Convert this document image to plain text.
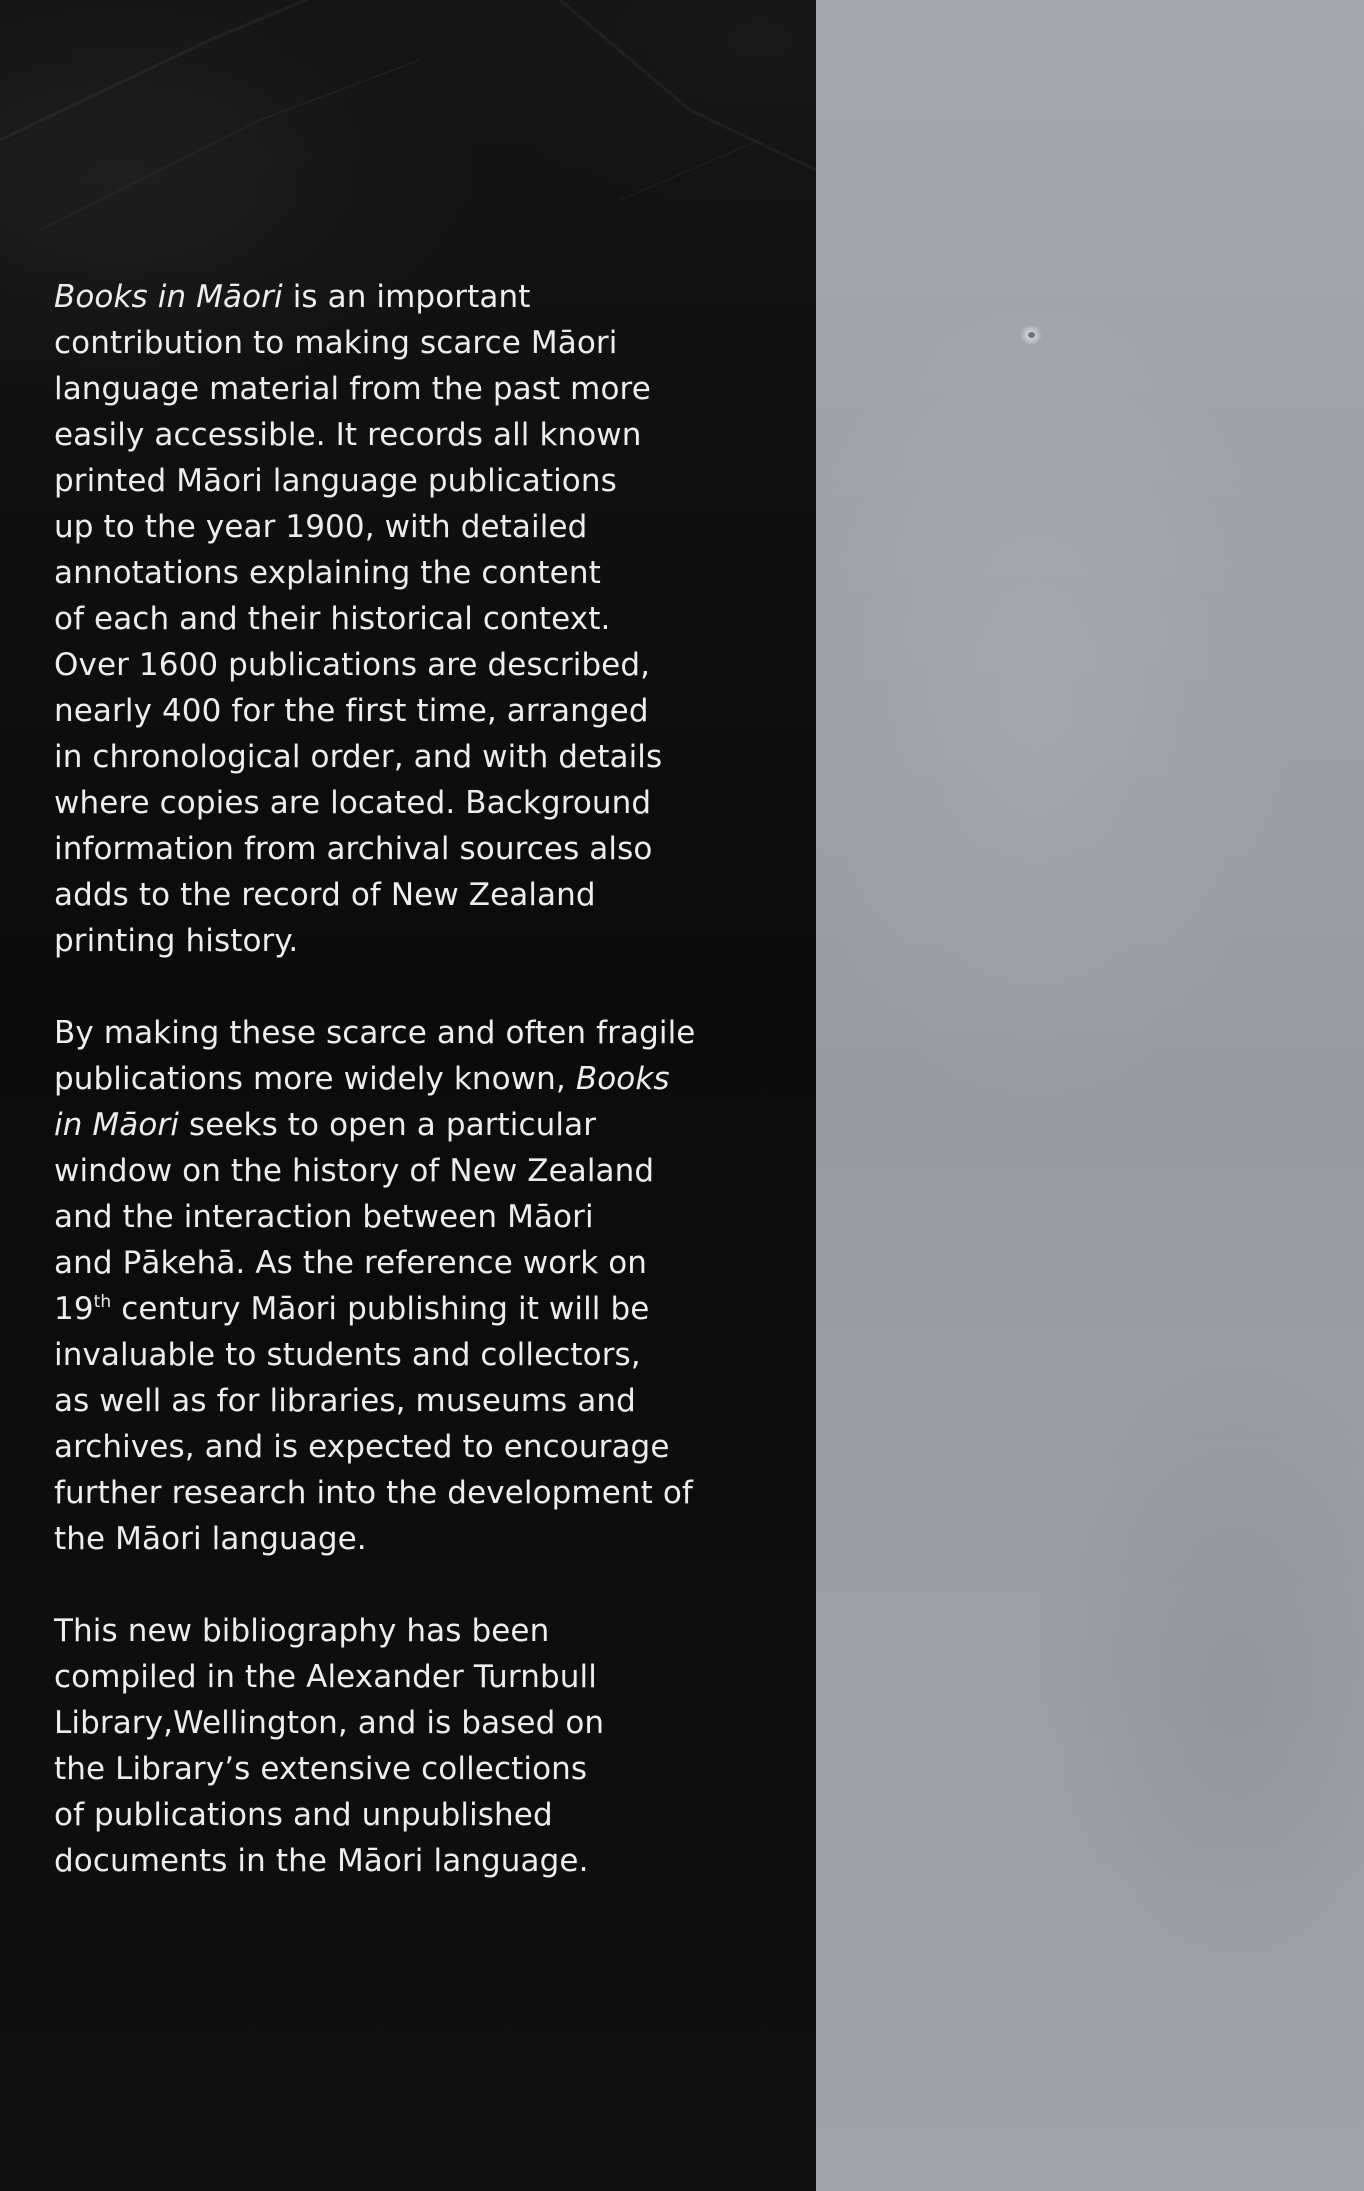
Books in Māori is an important
contribution to making scarce Māori
language material from the past more
easily accessible. It records all known
printed Māori language publications
up to the year 1900, with detailed
annotations explaining the content
of each and their historical context.
Over 1600 publications are described,
nearly 400 for the first time, arranged
in chronological order, and with details
where copies are located. Background
information from archival sources also
adds to the record of New Zealand
printing history.

By making these scarce and often fragile
publications more widely known, Books
in Māori seeks to open a particular
window on the history of New Zealand
and the interaction between Māori
and Pākehā. As the reference work on
19th century Māori publishing it will be
invaluable to students and collectors,
as well as for libraries, museums and
archives, and is expected to encourage
further research into the development of
the Māori language.

This new bibliography has been
compiled in the Alexander Turnbull
Library,Wellington, and is based on
the Library’s extensive collections
of publications and unpublished
documents in the Māori language.
